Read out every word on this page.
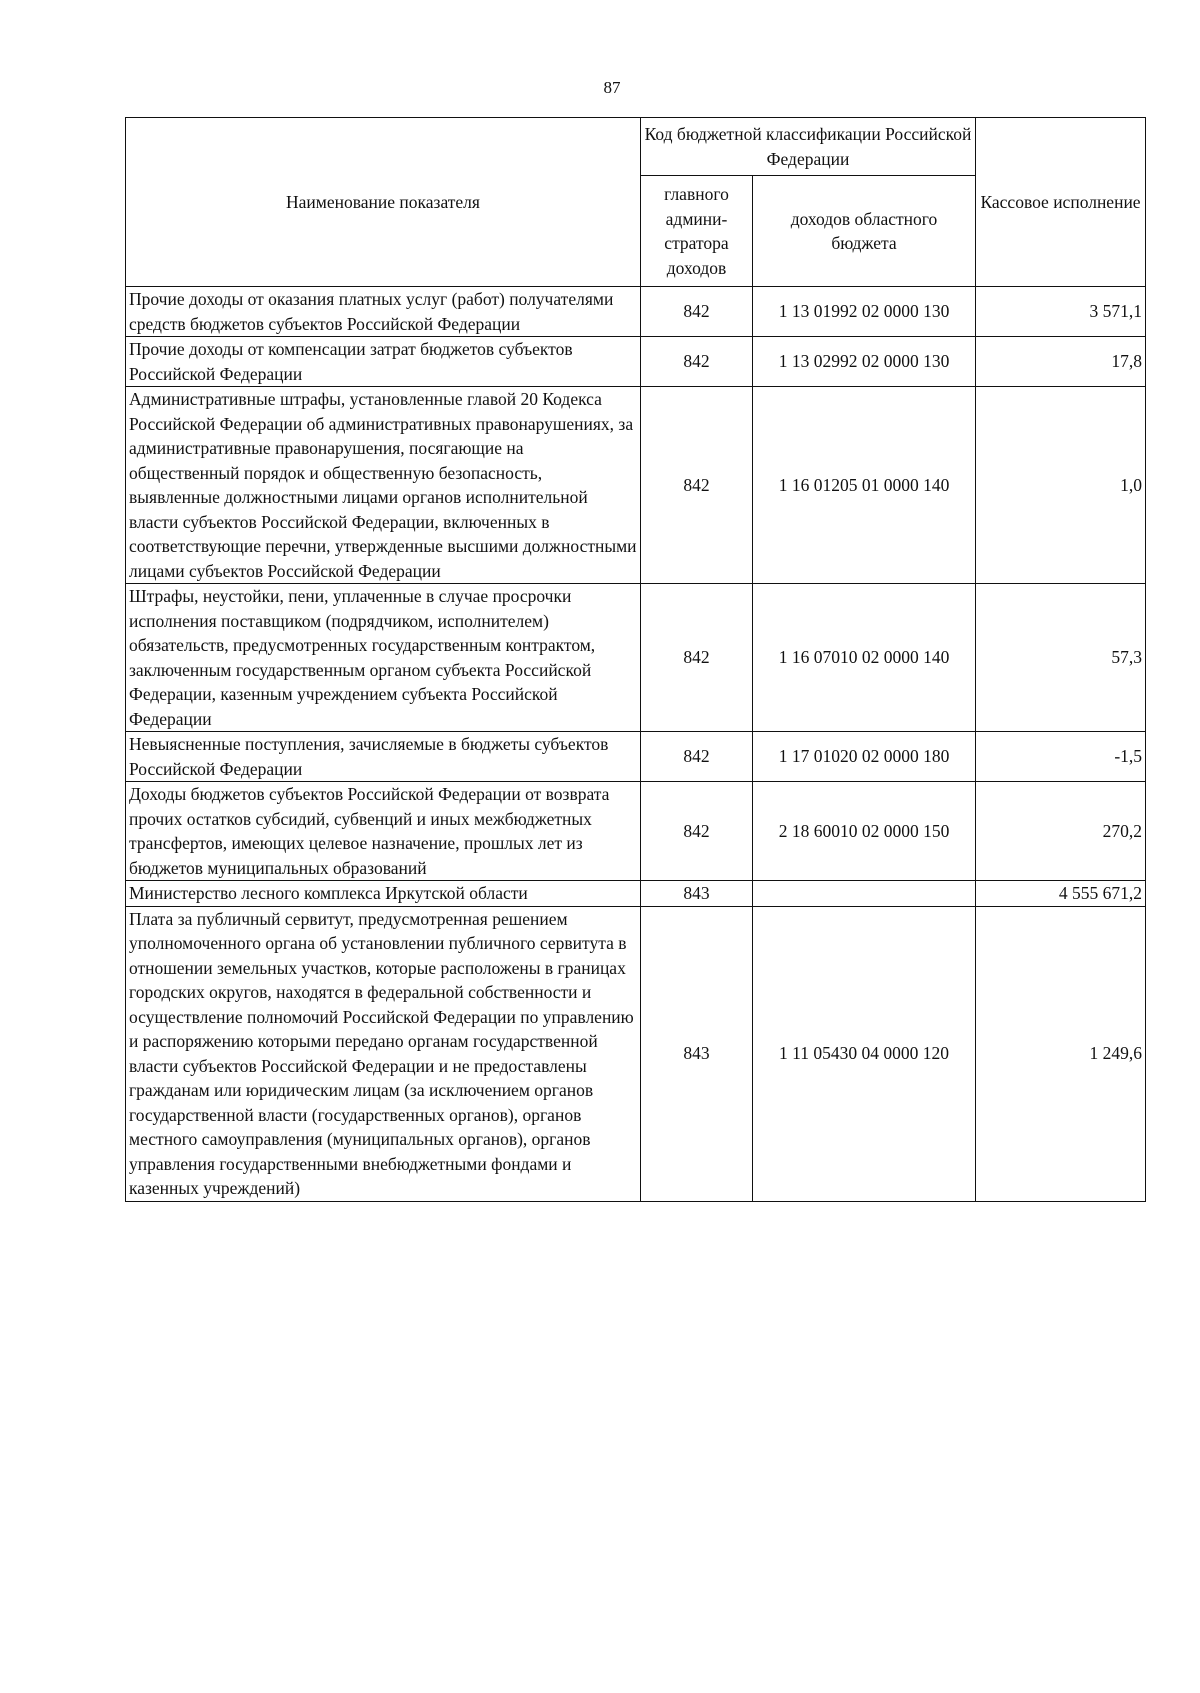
87
Наименование показателя	Код бюджетной классификации Российской Федерации		Кассовое исполнение
	главного админи-стратора доходов	доходов областного бюджета	
Прочие доходы от оказания платных услуг (работ) получателями средств бюджетов субъектов Российской Федерации	842	1 13 01992 02 0000 130	3 571,1
Прочие доходы от компенсации затрат бюджетов субъектов Российской Федерации	842	1 13 02992 02 0000 130	17,8
Административные штрафы, установленные главой 20 Кодекса Российской Федерации об административных правонарушениях, за административные правонарушения, посягающие на общественный порядок и общественную безопасность, выявленные должностными лицами органов исполнительной власти субъектов Российской Федерации, включенных в соответствующие перечни, утвержденные высшими должностными лицами субъектов Российской Федерации	842	1 16 01205 01 0000 140	1,0
Штрафы, неустойки, пени, уплаченные в случае просрочки исполнения поставщиком (подрядчиком, исполнителем) обязательств, предусмотренных государственным контрактом, заключенным государственным органом субъекта Российской Федерации, казенным учреждением субъекта Российской Федерации	842	1 16 07010 02 0000 140	57,3
Невыясненные поступления, зачисляемые в бюджеты субъектов Российской Федерации	842	1 17 01020 02 0000 180	-1,5
Доходы бюджетов субъектов Российской Федерации от возврата прочих остатков субсидий, субвенций и иных межбюджетных трансфертов, имеющих целевое назначение, прошлых лет из бюджетов муниципальных образований	842	2 18 60010 02 0000 150	270,2
Министерство лесного комплекса Иркутской области	843		4 555 671,2
Плата за публичный сервитут, предусмотренная решением уполномоченного органа об установлении публичного сервитута в отношении земельных участков, которые расположены в границах городских округов, находятся в федеральной собственности и осуществление полномочий Российской Федерации по управлению и распоряжению которыми передано органам государственной власти субъектов Российской Федерации и не предоставлены гражданам или юридическим лицам (за исключением органов государственной власти (государственных органов), органов местного самоуправления (муниципальных органов), органов управления государственными внебюджетными фондами и казенных учреждений)	843	1 11 05430 04 0000 120	1 249,6
